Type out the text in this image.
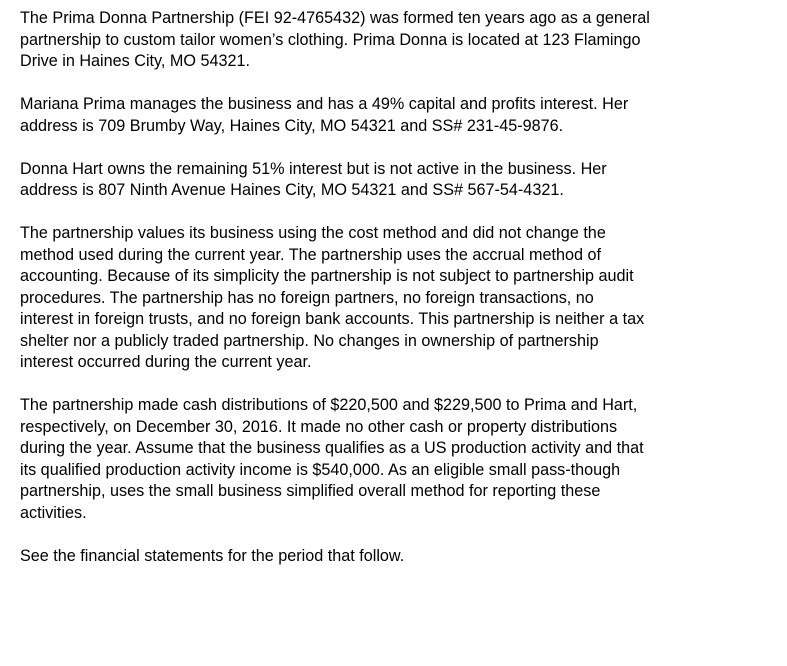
The Prima Donna Partnership (FEI 92-4765432) was formed ten years ago as a general
partnership to custom tailor women’s clothing. Prima Donna is located at 123 Flamingo
Drive in Haines City, MO 54321.

Mariana Prima manages the business and has a 49% capital and profits interest. Her
address is 709 Brumby Way, Haines City, MO 54321 and SS# 231-45-9876.

Donna Hart owns the remaining 51% interest but is not active in the business. Her
address is 807 Ninth Avenue Haines City, MO 54321 and SS# 567-54-4321.

The partnership values its business using the cost method and did not change the
method used during the current year. The partnership uses the accrual method of
accounting. Because of its simplicity the partnership is not subject to partnership audit
procedures. The partnership has no foreign partners, no foreign transactions, no
interest in foreign trusts, and no foreign bank accounts. This partnership is neither a tax
shelter nor a publicly traded partnership. No changes in ownership of partnership
interest occurred during the current year.

The partnership made cash distributions of $220,500 and $229,500 to Prima and Hart,
respectively, on December 30, 2016. It made no other cash or property distributions
during the year. Assume that the business qualifies as a US production activity and that
its qualified production activity income is $540,000. As an eligible small pass-though
partnership, uses the small business simplified overall method for reporting these
activities.

See the financial statements for the period that follow.
